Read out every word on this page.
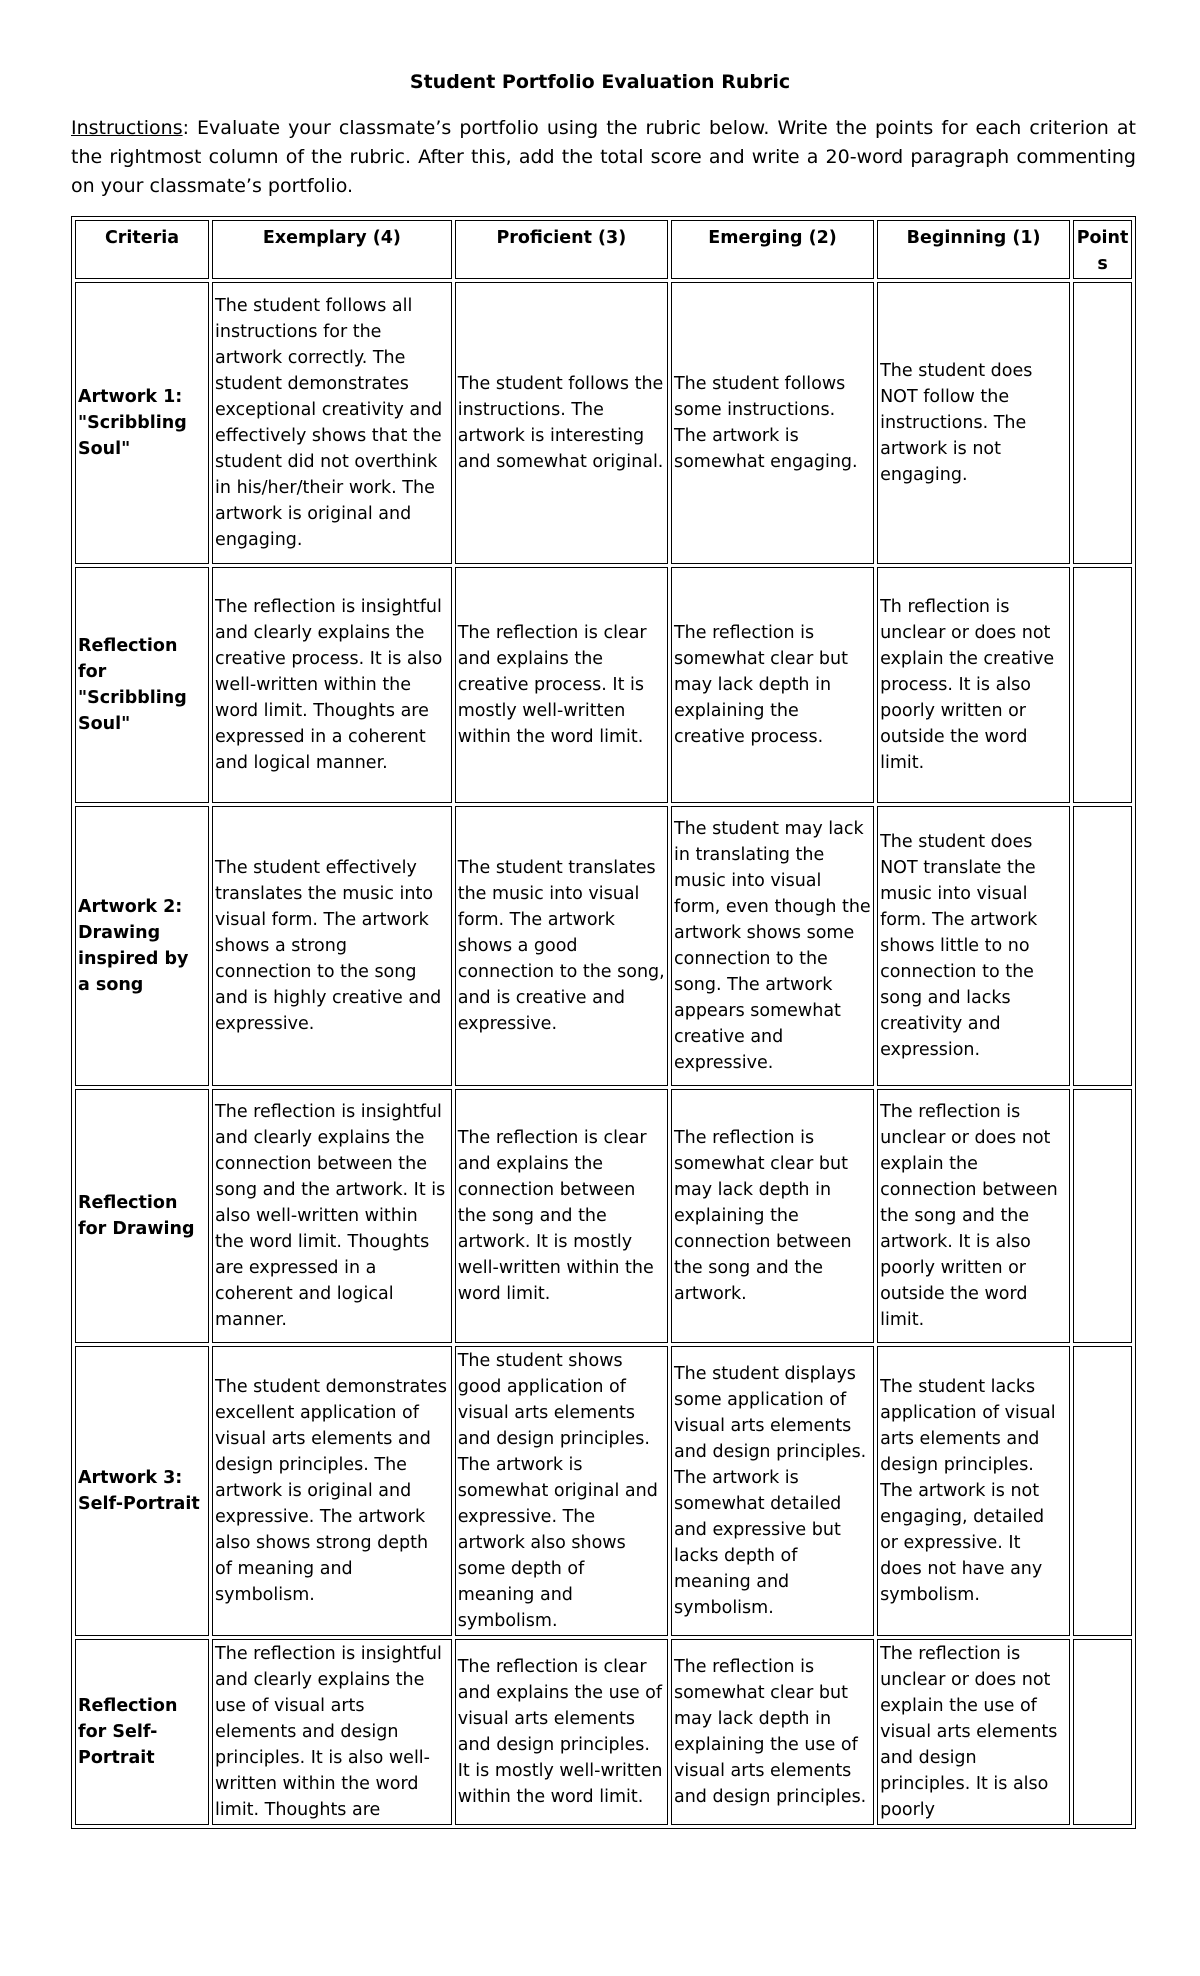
Student Portfolio Evaluation Rubric
Instructions: Evaluate your classmate’s portfolio using the rubric below. Write the points for each criterion at the rightmost column of the rubric. After this, add the total score and write a 20-word paragraph commenting on your classmate’s portfolio.
Criteria	Exemplary (4)	Proficient (3)	Emerging (2)	Beginning (1)	Points
Artwork 1: "Scribbling Soul"	The student follows all instructions for the artwork correctly. The student demonstrates exceptional creativity and effectively shows that the student did not overthink in his/her/their work. The artwork is original and engaging.	The student follows the instructions. The artwork is interesting and somewhat original.	The student follows some instructions. The artwork is somewhat engaging.	The student does NOT follow the instructions. The artwork is not engaging.	
Reflection for "Scribbling Soul"	The reflection is insightful and clearly explains the creative process. It is also well-written within the word limit. Thoughts are expressed in a coherent and logical manner.	The reflection is clear and explains the creative process. It is mostly well-written within the word limit.	The reflection is somewhat clear but may lack depth in explaining the creative process.	Th reflection is unclear or does not explain the creative process. It is also poorly written or outside the word limit.	
Artwork 2: Drawing inspired by a song	The student effectively translates the music into visual form. The artwork shows a strong connection to the song and is highly creative and expressive.	The student translates the music into visual form. The artwork shows a good connection to the song, and is creative and expressive.	The student may lack in translating the music into visual form, even though the artwork shows some connection to the song. The artwork appears somewhat creative and expressive.	The student does NOT translate the music into visual form. The artwork shows little to no connection to the song and lacks creativity and expression.	
Reflection for Drawing	The reflection is insightful and clearly explains the connection between the song and the artwork. It is also well-written within the word limit. Thoughts are expressed in a coherent and logical manner.	The reflection is clear and explains the connection between the song and the artwork. It is mostly well-written within the word limit.	The reflection is somewhat clear but may lack depth in explaining the connection between the song and the artwork.	The reflection is unclear or does not explain the connection between the song and the artwork. It is also poorly written or outside the word limit.	
Artwork 3: Self-Portrait	The student demonstrates excellent application of visual arts elements and design principles. The artwork is original and expressive. The artwork also shows strong depth of meaning and symbolism.	The student shows good application of visual arts elements and design principles. The artwork is somewhat original and expressive. The artwork also shows some depth of meaning and symbolism.	The student displays some application of visual arts elements and design principles. The artwork is somewhat detailed and expressive but lacks depth of meaning and symbolism.	The student lacks application of visual arts elements and design principles. The artwork is not engaging, detailed or expressive. It does not have any symbolism.	
Reflection for Self-Portrait	The reflection is insightful and clearly explains the use of visual arts elements and design principles. It is also well-written within the word limit. Thoughts are	The reflection is clear and explains the use of visual arts elements and design principles. It is mostly well-written within the word limit.	The reflection is somewhat clear but may lack depth in explaining the use of visual arts elements and design principles.	The reflection is unclear or does not explain the use of visual arts elements and design principles. It is also poorly	
